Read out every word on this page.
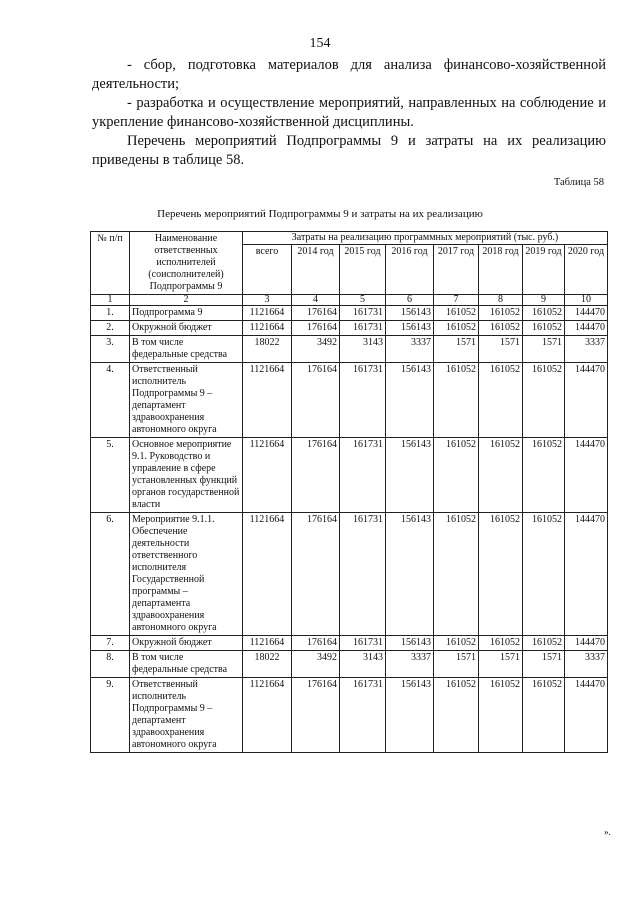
154

- сбор, подготовка материалов для анализа финансово-хозяйственной деятельности;

- разработка и осуществление мероприятий, направленных на соблюдение и укрепление финансово-хозяйственной дисциплины.

Перечень мероприятий Подпрограммы 9 и затраты на их реализацию приведены в таблице 58.

Таблица 58
Перечень мероприятий Подпрограммы 9 и затраты на их реализацию
№ п/п	Наименование ответственных исполнителей (соисполнителей) Подпрограммы 9	Затраты на реализацию программных мероприятий (тыс. руб.)							
		всего	2014 год	2015 год	2016 год	2017 год	2018 год	2019 год	2020 год
1	2	3	4	5	6	7	8	9	10
1.	Подпрограмма 9	1121664	176164	161731	156143	161052	161052	161052	144470
2.	Окружной бюджет	1121664	176164	161731	156143	161052	161052	161052	144470
3.	В том числе федеральные средства	18022	3492	3143	3337	1571	1571	1571	3337
4.	Ответственный исполнитель Подпрограммы 9 – департамент здравоохранения автономного округа	1121664	176164	161731	156143	161052	161052	161052	144470
5.	Основное мероприятие 9.1. Руководство и управление в сфере установленных функций органов государственной власти	1121664	176164	161731	156143	161052	161052	161052	144470
6.	Мероприятие 9.1.1. Обеспечение деятельности ответственного исполнителя Государственной программы – департамента здравоохранения автономного округа	1121664	176164	161731	156143	161052	161052	161052	144470
7.	Окружной бюджет	1121664	176164	161731	156143	161052	161052	161052	144470
8.	В том числе федеральные средства	18022	3492	3143	3337	1571	1571	1571	3337
9.	Ответственный исполнитель Подпрограммы 9 – департамент здравоохранения автономного округа	1121664	176164	161731	156143	161052	161052	161052	144470
».
